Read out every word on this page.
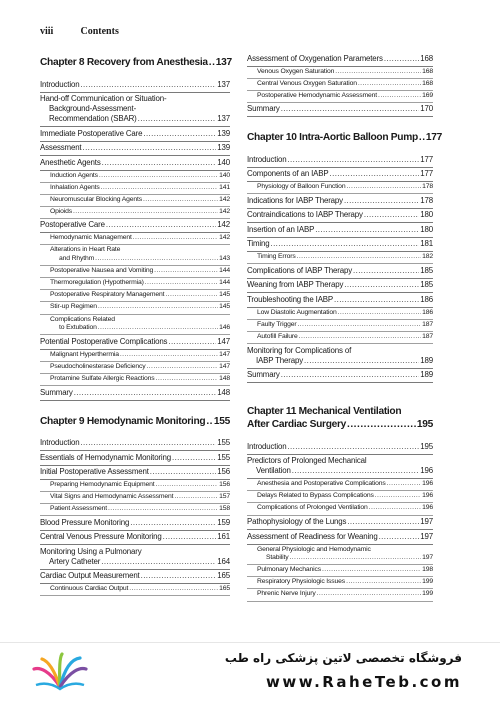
viii	Contents
Chapter 8 Recovery from Anesthesia ..... 137
Introduction .....	137
Hand-off Communication or Situation-
Background-Assessment-
Recommendation (SBAR) .....	137
Immediate Postoperative Care .....	139
Assessment .....	139
Anesthetic Agents .....	140
Induction Agents .....	140
Inhalation Agents .....	141
Neuromuscular Blocking Agents .....	142
Opioids .....	142
Postoperative Care .....	142
Hemodynamic Management .....	142
Alterations in Heart Rate
and Rhythm .....	143
Postoperative Nausea and Vomiting .....	144
Thermoregulation (Hypothermia) .....	144
Postoperative Respiratory Management .....	145
Stir-up Regimen .....	145
Complications Related
to Extubation .....	146
Potential Postoperative Complications .....	147
Malignant Hyperthermia .....	147
Pseudocholinesterase Deficiency .....	147
Protamine Sulfate Allergic Reactions .....	148
Summary .....	148
Chapter 9 Hemodynamic Monitoring ..... 155
Introduction .....	155
Essentials of Hemodynamic Monitoring .....	155
Initial Postoperative Assessment .....	156
Preparing Hemodynamic Equipment .....	156
Vital Signs and Hemodynamic Assessment .....	157
Patient Assessment .....	158
Blood Pressure Monitoring .....	159
Central Venous Pressure Monitoring .....	161
Monitoring Using a Pulmonary
Artery Catheter .....	164
Cardiac Output Measurement .....	165
Continuous Cardiac Output .....	165
Assessment of Oxygenation Parameters .....	168
Venous Oxygen Saturation .....	168
Central Venous Oxygen Saturation .....	168
Postoperative Hemodynamic Assessment .....	169
Summary .....	170
Chapter 10 Intra-Aortic Balloon Pump ..... 177
Introduction .....	177
Components of an IABP .....	177
Physiology of Balloon Function .....	178
Indications for IABP Therapy .....	178
Contraindications to IABP Therapy .....	180
Insertion of an IABP .....	180
Timing .....	181
Timing Errors .....	182
Complications of IABP Therapy .....	185
Weaning from IABP Therapy .....	185
Troubleshooting the IABP .....	186
Low Diastolic Augmentation .....	186
Faulty Trigger .....	187
Autofill Failure .....	187
Monitoring for Complications of
IABP Therapy .....	189
Summary .....	189
Chapter 11 Mechanical Ventilation
After Cardiac Surgery .....	195
Introduction .....	195
Predictors of Prolonged Mechanical
Ventilation .....	196
Anesthesia and Postoperative Complications .....	196
Delays Related to Bypass Complications .....	196
Complications of Prolonged Ventilation .....	196
Pathophysiology of the Lungs .....	197
Assessment of Readiness for Weaning .....	197
General Physiologic and Hemodynamic
Stability .....	197
Pulmonary Mechanics .....	198
Respiratory Physiologic Issues .....	199
Phrenic Nerve Injury .....	199
فروشگاه تخصصی لاتین پزشکی راه طب
www.RaheTeb.com
